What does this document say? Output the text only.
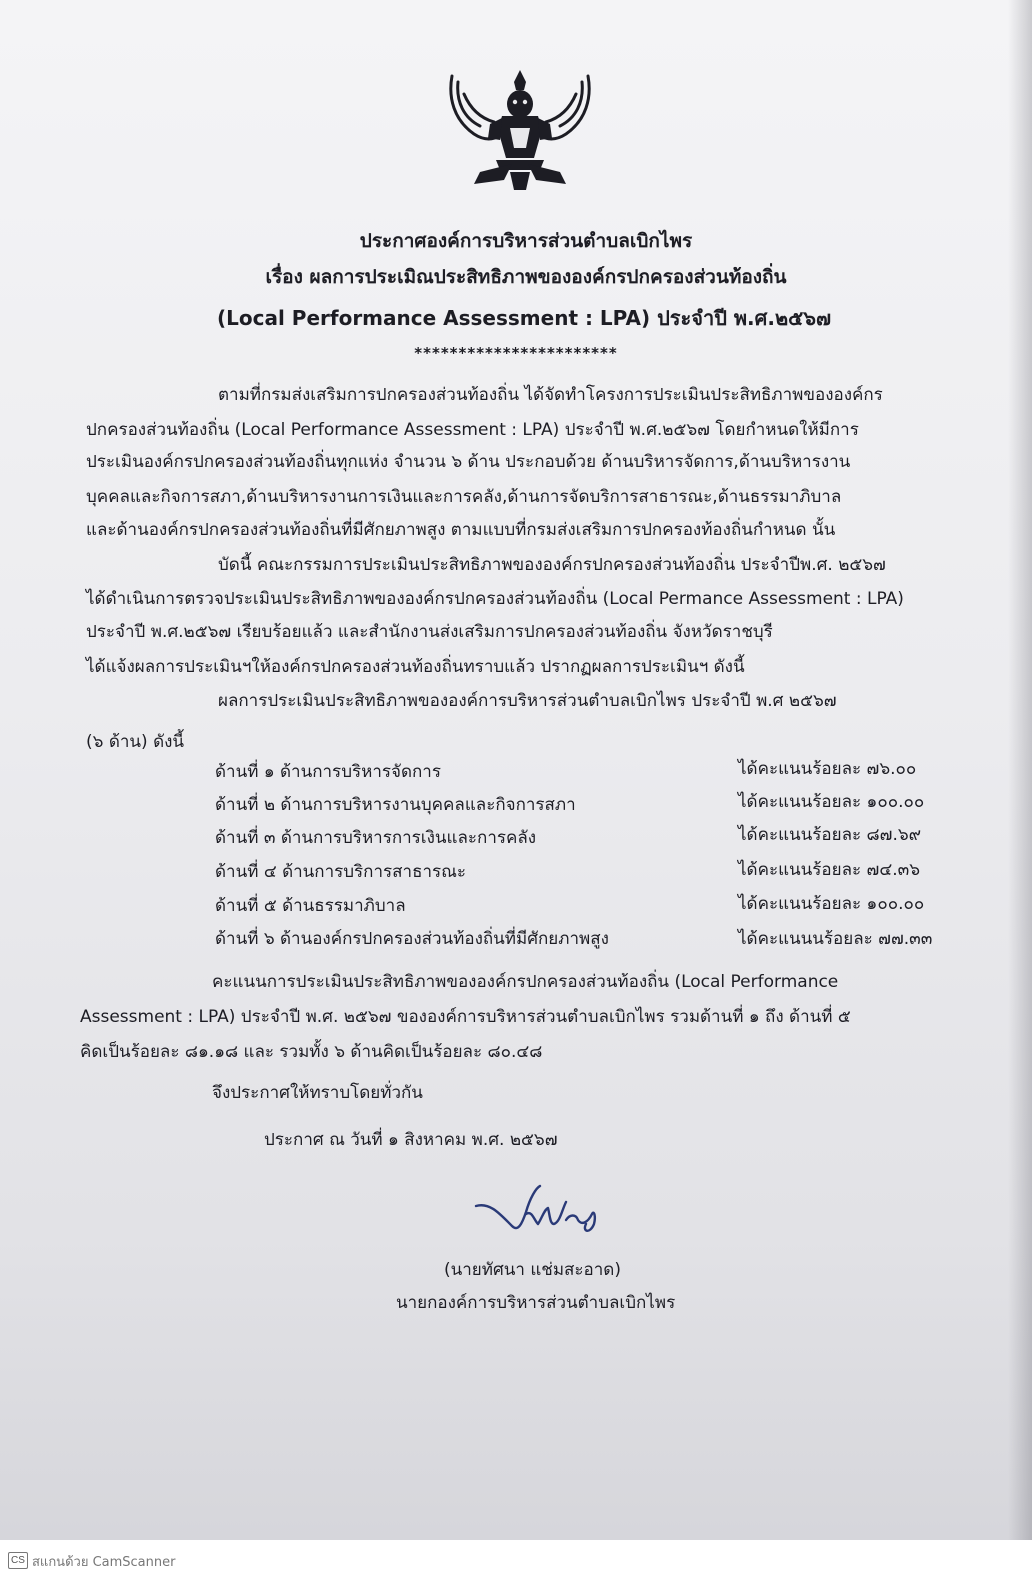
ประกาศองค์การบริหารส่วนตำบลเบิกไพร
เรื่อง ผลการประเมิณประสิทธิภาพขององค์กรปกครองส่วนท้องถิ่น
(Local Performance Assessment : LPA) ประจำปี พ.ศ.๒๕๖๗
***********************
ตามที่กรมส่งเสริมการปกครองส่วนท้องถิ่น ได้จัดทำโครงการประเมินประสิทธิภาพขององค์กร
ปกครองส่วนท้องถิ่น (Local Performance Assessment : LPA) ประจำปี พ.ศ.๒๕๖๗ โดยกำหนดให้มีการ
ประเมินองค์กรปกครองส่วนท้องถิ่นทุกแห่ง จำนวน ๖ ด้าน ประกอบด้วย ด้านบริหารจัดการ,ด้านบริหารงาน
บุคคลและกิจการสภา,ด้านบริหารงานการเงินและการคลัง,ด้านการจัดบริการสาธารณะ,ด้านธรรมาภิบาล
และด้านองค์กรปกครองส่วนท้องถิ่นที่มีศักยภาพสูง ตามแบบที่กรมส่งเสริมการปกครองท้องถิ่นกำหนด นั้น
บัดนี้ คณะกรรมการประเมินประสิทธิภาพขององค์กรปกครองส่วนท้องถิ่น ประจำปีพ.ศ. ๒๕๖๗
ได้ดำเนินการตรวจประเมินประสิทธิภาพขององค์กรปกครองส่วนท้องถิ่น (Local Permance Assessment : LPA)
ประจำปี พ.ศ.๒๕๖๗ เรียบร้อยแล้ว และสำนักงานส่งเสริมการปกครองส่วนท้องถิ่น จังหวัดราชบุรี
ได้แจ้งผลการประเมินฯให้องค์กรปกครองส่วนท้องถิ่นทราบแล้ว ปรากฏผลการประเมินฯ ดังนี้
ผลการประเมินประสิทธิภาพขององค์การบริหารส่วนตำบลเบิกไพร ประจำปี พ.ศ ๒๕๖๗
(๖ ด้าน) ดังนี้
ด้านที่ ๑ ด้านการบริหารจัดการ	ได้คะแนนร้อยละ ๗๖.๐๐
ด้านที่ ๒ ด้านการบริหารงานบุคคลและกิจการสภา	ได้คะแนนร้อยละ ๑๐๐.๐๐
ด้านที่ ๓ ด้านการบริหารการเงินและการคลัง	ได้คะแนนร้อยละ ๘๗.๖๙
ด้านที่ ๔ ด้านการบริการสาธารณะ	ได้คะแนนร้อยละ ๗๔.๓๖
ด้านที่ ๕ ด้านธรรมาภิบาล	ได้คะแนนร้อยละ ๑๐๐.๐๐
ด้านที่ ๖ ด้านองค์กรปกครองส่วนท้องถิ่นที่มีศักยภาพสูง	ได้คะแนนนร้อยละ ๗๗.๓๓
คะแนนการประเมินประสิทธิภาพขององค์กรปกครองส่วนท้องถิ่น (Local Performance
Assessment : LPA) ประจำปี พ.ศ. ๒๕๖๗ ขององค์การบริหารส่วนตำบลเบิกไพร รวมด้านที่ ๑ ถึง ด้านที่ ๕
คิดเป็นร้อยละ ๘๑.๑๘ และ รวมทั้ง ๖ ด้านคิดเป็นร้อยละ ๘๐.๔๘
จึงประกาศให้ทราบโดยทั่วกัน
ประกาศ ณ วันที่ ๑ สิงหาคม พ.ศ. ๒๕๖๗
(นายทัศนา แช่มสะอาด)
นายกองค์การบริหารส่วนตำบลเบิกไพร
CS สแกนด้วย CamScanner
